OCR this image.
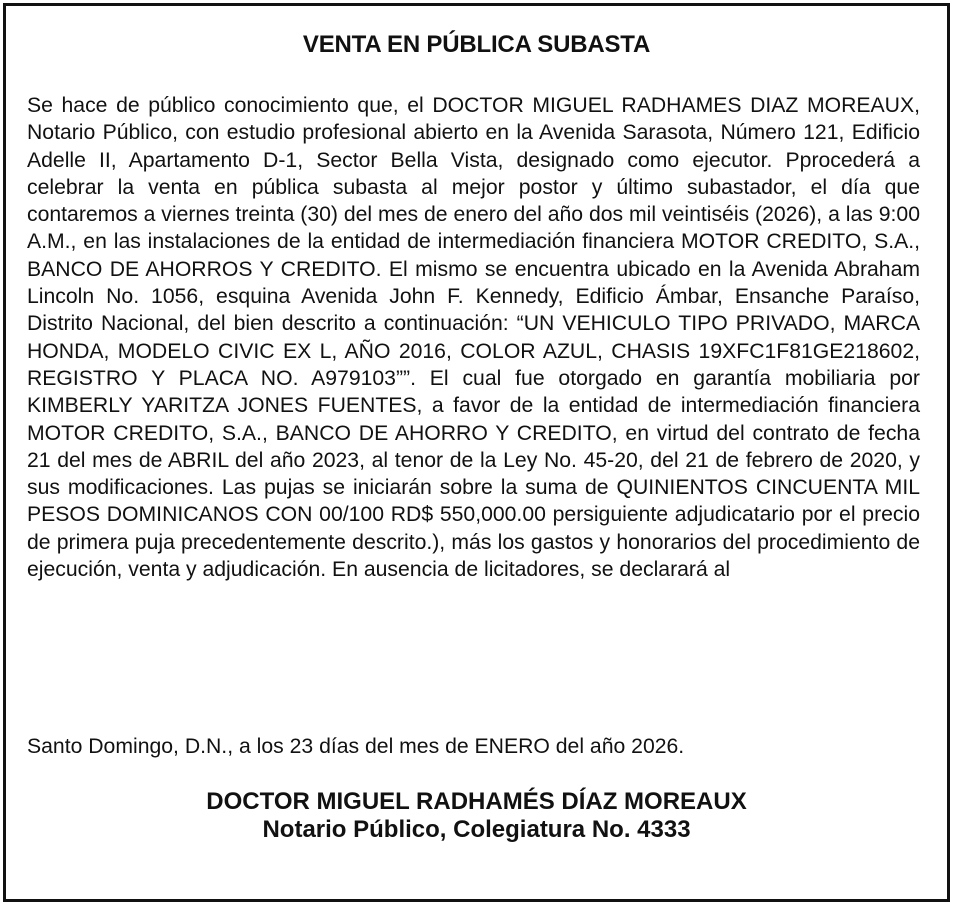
VENTA EN PÚBLICA SUBASTA

Se hace de público conocimiento que, el DOCTOR MIGUEL RADHAMES DIAZ MOREAUX, Notario Público, con estudio profesional abierto en la Avenida Sarasota, Número 121, Edificio Adelle II, Apartamento D-1, Sector Bella Vista, designado como ejecutor. Pprocederá a celebrar la venta en pública subasta al mejor postor y último subastador, el día que contaremos a viernes treinta (30) del mes de enero del año dos mil veintiséis (2026), a las 9:00 A.M., en las instalaciones de la entidad de intermediación financiera MOTOR CREDITO, S.A., BANCO DE AHORROS Y CREDITO. El mismo se encuentra ubicado en la Avenida Abraham Lincoln No. 1056, esquina Avenida John F. Kennedy, Edificio Ámbar, Ensanche Paraíso, Distrito Nacional, del bien descrito a continuación: “UN VEHICULO TIPO PRIVADO, MARCA HONDA, MODELO CIVIC EX L, AÑO 2016, COLOR AZUL, CHASIS 19XFC1F81GE218602, REGISTRO Y PLACA NO. A979103””. El cual fue otorgado en garantía mobiliaria por KIMBERLY YARITZA JONES FUENTES, a favor de la entidad de intermediación financiera MOTOR CREDITO, S.A., BANCO DE AHORRO Y CREDITO, en virtud del contrato de fecha 21 del mes de ABRIL del año 2023, al tenor de la Ley No. 45-20, del 21 de febrero de 2020, y sus modificaciones. Las pujas se iniciarán sobre la suma de QUINIENTOS CINCUENTA MIL PESOS DOMINICANOS CON 00/100 RD$ 550,000.00 persiguiente adjudicatario por el precio de primera puja precedentemente descrito.), más los gastos y honorarios del procedimiento de ejecución, venta y adjudicación. En ausencia de licitadores, se declarará al

Santo Domingo, D.N., a los 23 días del mes de ENERO del año 2026.

DOCTOR MIGUEL RADHAMÉS DÍAZ MOREAUX
Notario Público, Colegiatura No. 4333
